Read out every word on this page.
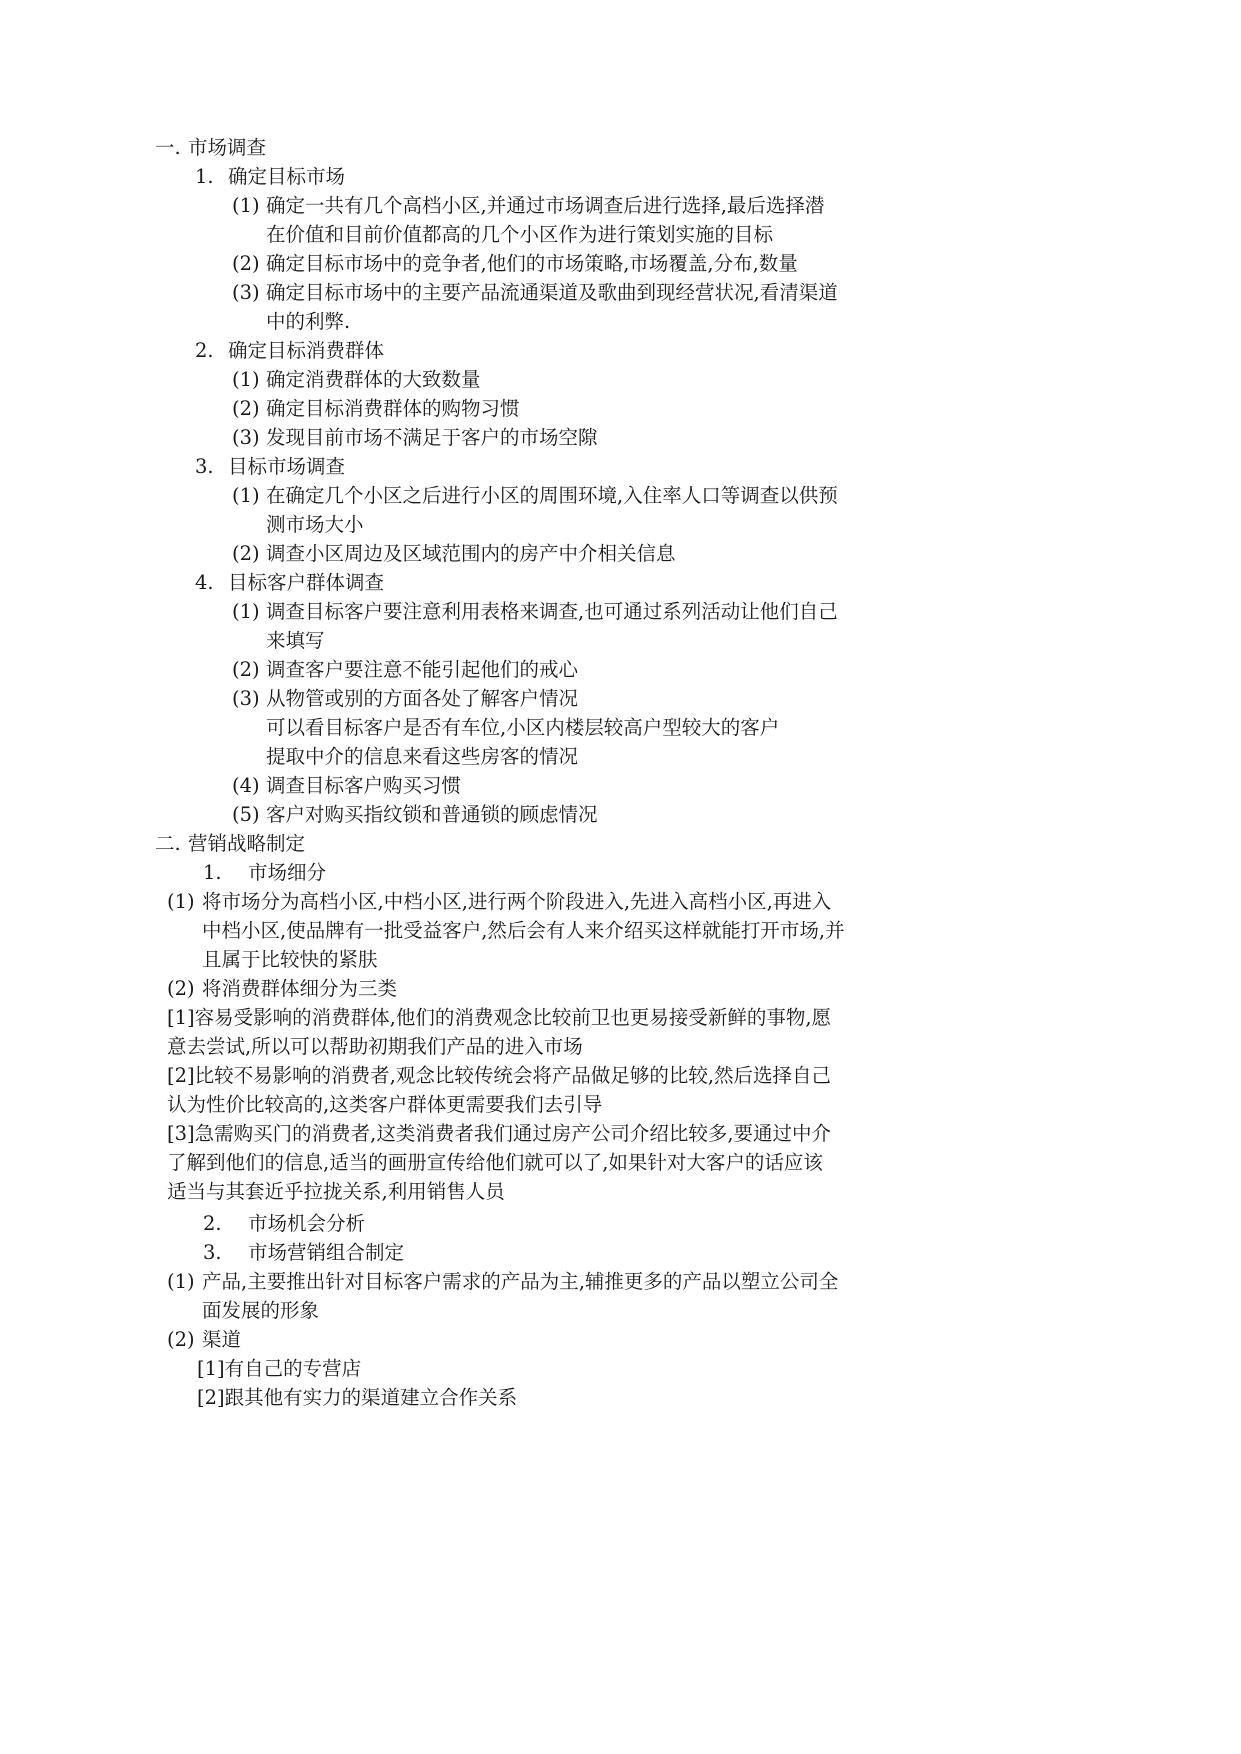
一. 市场调查
1. 确定目标市场
(1) 确定一共有几个高档小区,并通过市场调查后进行选择,最后选择潜
在价值和目前价值都高的几个小区作为进行策划实施的目标
(2) 确定目标市场中的竞争者,他们的市场策略,市场覆盖,分布,数量
(3) 确定目标市场中的主要产品流通渠道及歌曲到现经营状况,看清渠道
中的利弊.
2. 确定目标消费群体
(1) 确定消费群体的大致数量
(2) 确定目标消费群体的购物习惯
(3) 发现目前市场不满足于客户的市场空隙
3. 目标市场调查
(1) 在确定几个小区之后进行小区的周围环境,入住率人口等调查以供预
测市场大小
(2) 调查小区周边及区域范围内的房产中介相关信息
4. 目标客户群体调查
(1) 调查目标客户要注意利用表格来调查,也可通过系列活动让他们自己
来填写
(2) 调查客户要注意不能引起他们的戒心
(3) 从物管或别的方面各处了解客户情况
可以看目标客户是否有车位,小区内楼层较高户型较大的客户
提取中介的信息来看这些房客的情况
(4) 调查目标客户购买习惯
(5) 客户对购买指纹锁和普通锁的顾虑情况
二. 营销战略制定
1. 市场细分
(1) 将市场分为高档小区,中档小区,进行两个阶段进入,先进入高档小区,再进入
中档小区,使品牌有一批受益客户,然后会有人来介绍买这样就能打开市场,并
且属于比较快的紧肤
(2) 将消费群体细分为三类
[1]容易受影响的消费群体,他们的消费观念比较前卫也更易接受新鲜的事物,愿
意去尝试,所以可以帮助初期我们产品的进入市场
[2]比较不易影响的消费者,观念比较传统会将产品做足够的比较,然后选择自己
认为性价比较高的,这类客户群体更需要我们去引导
[3]急需购买门的消费者,这类消费者我们通过房产公司介绍比较多,要通过中介
了解到他们的信息,适当的画册宣传给他们就可以了,如果针对大客户的话应该
适当与其套近乎拉拢关系,利用销售人员
2. 市场机会分析
3. 市场营销组合制定
(1) 产品,主要推出针对目标客户需求的产品为主,辅推更多的产品以塑立公司全
面发展的形象
(2) 渠道
[1]有自己的专营店
[2]跟其他有实力的渠道建立合作关系
